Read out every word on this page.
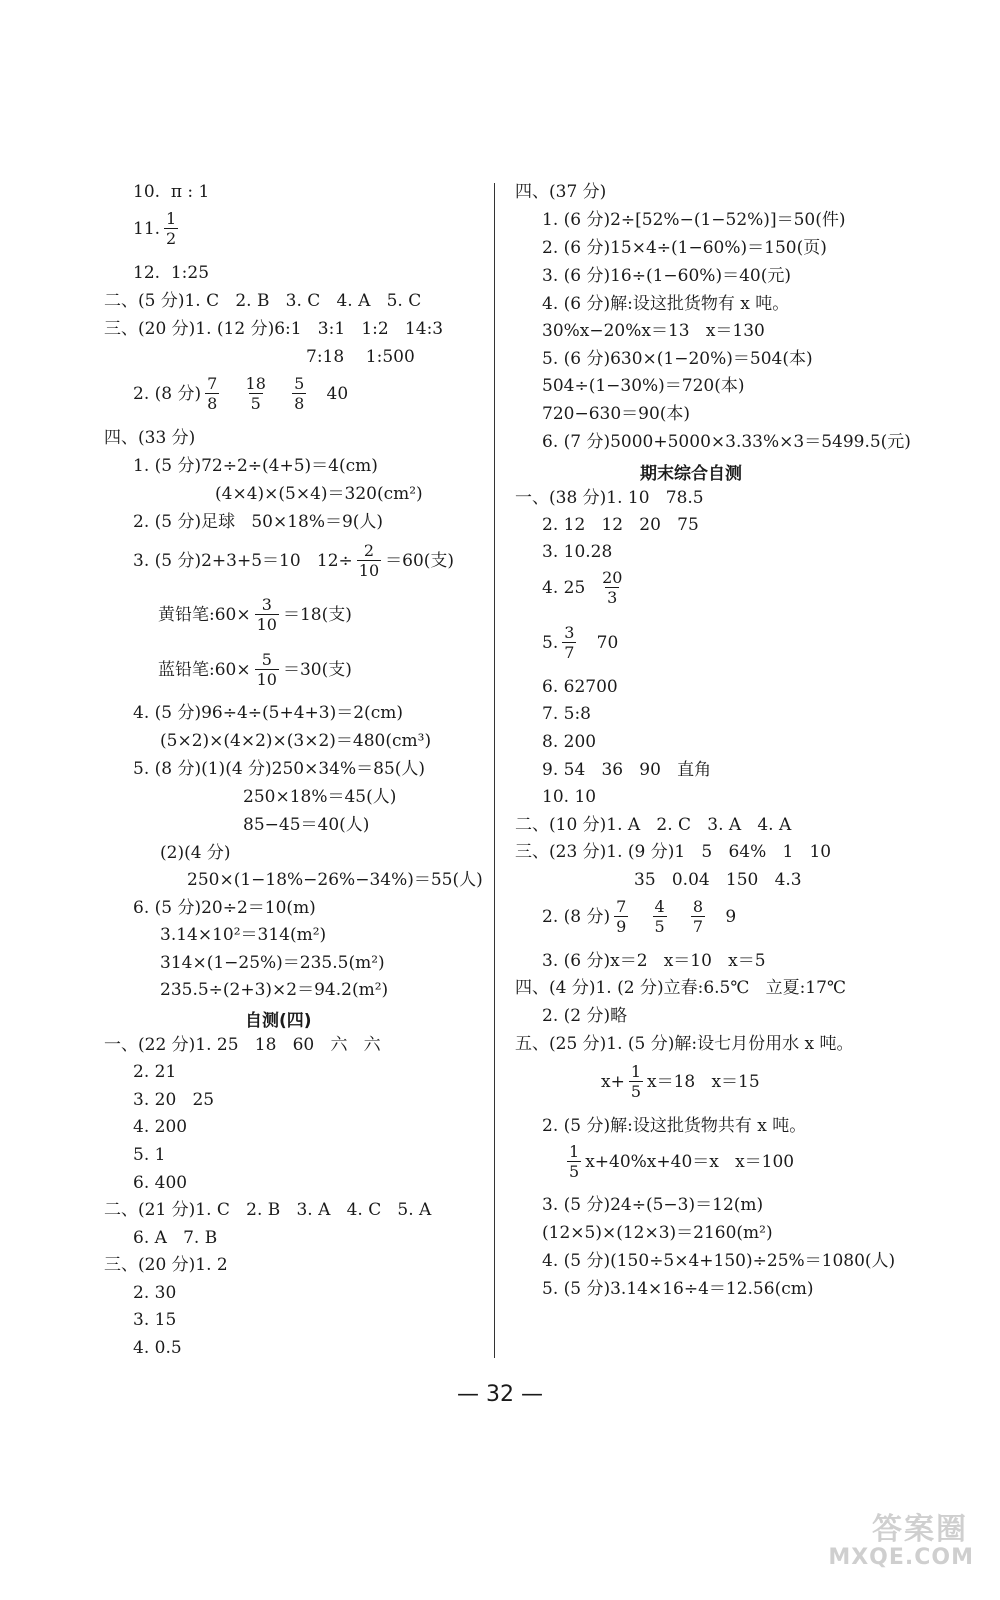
10.  π : 1
11. $\frac{1}{2}$
12.  1:25
二、(5 分)1. C   2. B   3. C   4. A   5. C
三、(20 分)1. (12 分)6:1   3:1   1:2   14:3
7:18    1:500
2. (8 分) $\frac{7}{8}$
$\frac{18}{5}$
$\frac{5}{8}$
40
四、(33 分)
1. (5 分)72÷2÷(4+5)＝4(cm)
(4×4)×(5×4)＝320(cm²)
2. (5 分)足球   50×18%＝9(人)
3. (5 分)2+3+5＝10   $12\div \frac{2}{10} =60$(支)
黄铅笔:60× $\frac{3}{10} =18$(支)
蓝铅笔:60× $\frac{5}{10} =30$(支)
4. (5 分)96÷4÷(5+4+3)＝2(cm)
(5×2)×(4×2)×(3×2)＝480(cm³)
5. (8 分)(1)(4 分)250×34%＝85(人)
250×18%＝45(人)
85−45＝40(人)
(2)(4 分)
250×(1−18%−26%−34%)＝55(人)
6. (5 分)20÷2＝10(m)
3.14×10²＝314(m²)
314×(1−25%)＝235.5(m²)
235.5÷(2+3)×2＝94.2(m²)
自测(四)
一、(22 分)1. 25   18   60   六   六
2. 21
3. 20   25
4. 200
5. 1
6. 400
二、(21 分)1. C   2. B   3. A   4. C   5. A
6. A   7. B
三、(20 分)1. 2
2. 30
3. 15
4. 0.5
四、(37 分)
1. (6 分)2÷[52%−(1−52%)]＝50(件)
2. (6 分)15×4÷(1−60%)＝150(页)
3. (6 分)16÷(1−60%)＝40(元)
4. (6 分)解:设这批货物有 x 吨。
30%x−20%x＝13   x＝130
5. (6 分)630×(1−20%)＝504(本)
504÷(1−30%)＝720(本)
720−630＝90(本)
6. (7 分)5000+5000×3.33%×3＝5499.5(元)
期末综合自测
一、(38 分)1. 10   78.5
2. 12   12   20   75
3. 10.28
4. 25
$\frac{20}{3}$
5. $\frac{3}{7}$
70
6. 62700
7. 5:8
8. 200
9. 54   36   90   直角
10. 10
二、(10 分)1. A   2. C   3. A   4. A
三、(23 分)1. (9 分)1   5   64%   1   10
35   0.04   150   4.3
2. (8 分) $\frac{7}{9}$
$\frac{4}{5}$
$\frac{8}{7}$
9
3. (6 分)x＝2   x＝10   x＝5
四、(4 分)1. (2 分)立春:6.5℃   立夏:17℃
2. (2 分)略
五、(25 分)1. (5 分)解:设七月份用水 x 吨。
$x+ \frac{1}{5} x=18$   x＝15
2. (5 分)解:设这批货物共有 x 吨。
$\frac{1}{5} x+40\%x+40=x$   x＝100
3. (5 分)24÷(5−3)＝12(m)
(12×5)×(12×3)＝2160(m²)
4. (5 分)(150÷5×4+150)÷25%＝1080(人)
5. (5 分)3.14×16÷4＝12.56(cm)
— 32 —
答案圈
MXQE.COM
